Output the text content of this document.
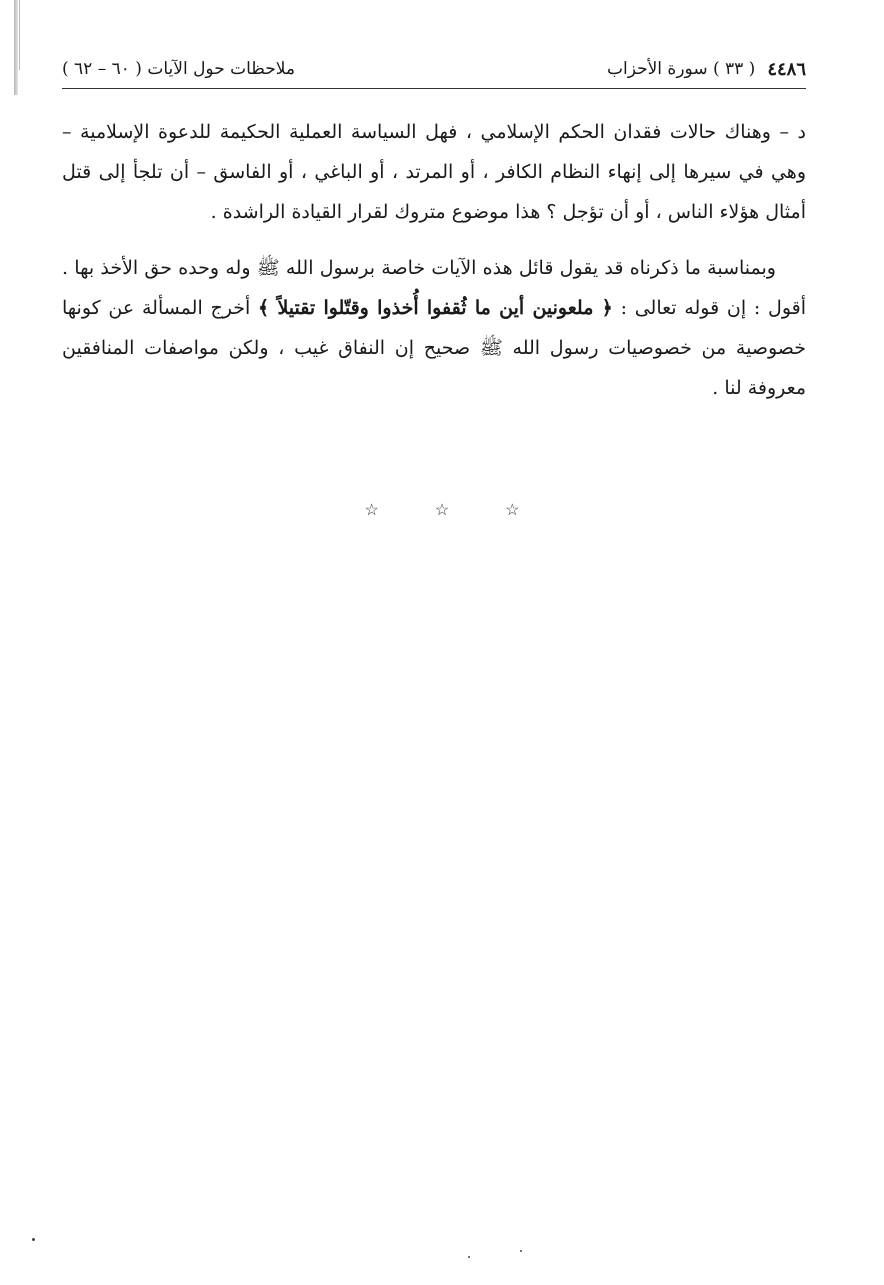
٤٤٨٦
( ٣٣ ) سورة الأحزاب
ملاحظات حول الآيات ( ٦٠ – ٦٢ )

د – وهناك حالات فقدان الحكم الإسلامي ، فهل السياسة العملية الحكيمة للدعوة الإسلامية – وهي في سيرها إلى إنهاء النظام الكافر ، أو المرتد ، أو الباغي ، أو الفاسق – أن تلجأ إلى قتل أمثال هؤلاء الناس ، أو أن تؤجل ؟ هذا موضوع متروك لقرار القيادة الراشدة .

وبمناسبة ما ذكرناه قد يقول قائل هذه الآيات خاصة برسول الله ﷺ وله وحده حق الأخذ بها . أقول : إن قوله تعالى : ﴿ ملعونين أين ما ثُقفوا أُخذوا وقتّلوا تقتيلاً ﴾ أخرج المسألة عن كونها خصوصية من خصوصيات رسول الله ﷺ صحيح إن النفاق غيب ، ولكن مواصفات المنافقين معروفة لنا .

☆	☆	☆
